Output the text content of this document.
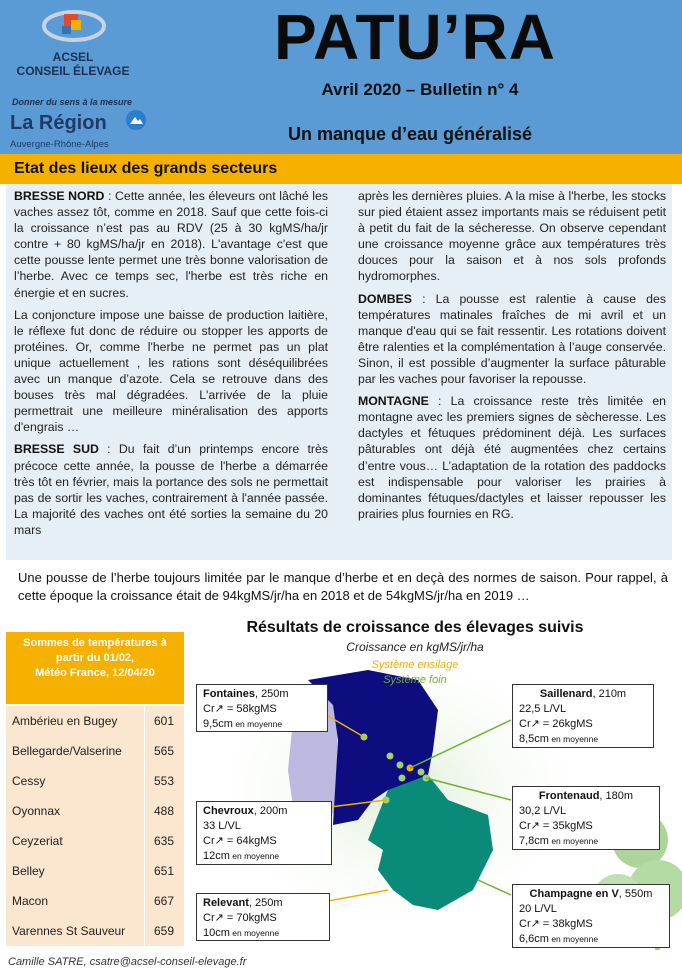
ACSEL
CONSEIL ÉLEVAGE
Donner du sens à la mesure
La Région
Auvergne-Rhône-Alpes
PATU’RA
Avril 2020 – Bulletin n° 4
Un manque d’eau généralisé
Etat des lieux des grands secteurs

BRESSE NORD : Cette année, les éleveurs ont lâché les vaches assez tôt, comme en 2018. Sauf que cette fois-ci la croissance n’est pas au RDV (25 à 30 kgMS/ha/jr contre + 80 kgMS/ha/jr en 2018). L'avantage c'est que cette pousse lente permet une très bonne valorisation de l’herbe. Avec ce temps sec, l'herbe est très riche en énergie et en sucres.

La conjoncture impose une baisse de production laitière, le réflexe fut donc de réduire ou stopper les apports de protéines. Or, comme l'herbe ne permet pas un plat unique actuellement , les rations sont déséquilibrées avec un manque d’azote. Cela se retrouve dans des bouses très mal dégradées. L'arrivée de la pluie permettrait une meilleure minéralisation des apports d'engrais …

BRESSE SUD : Du fait d’un printemps encore très précoce cette année, la pousse de l'herbe a démarrée très tôt en février, mais la portance des sols ne permettait pas de sortir les vaches, contrairement à l'année passée. La majorité des vaches ont été sorties la semaine du 20 mars

après les dernières pluies. A la mise à l'herbe, les stocks sur pied étaient assez importants mais se réduisent petit à petit du fait de la sécheresse. On observe cependant une croissance moyenne grâce aux températures très douces pour la saison et à nos sols profonds hydromorphes.

DOMBES : La pousse est ralentie à cause des températures matinales fraîches de mi avril et un manque d'eau qui se fait ressentir. Les rotations doivent être ralenties et la complémentation à l’auge conservée. Sinon, il est possible d’augmenter la surface pâturable par les vaches pour favoriser la repousse.

MONTAGNE : La croissance reste très limitée en montagne avec les premiers signes de sècheresse. Les dactyles et fétuques prédominent déjà. Les surfaces pâturables ont déjà été augmentées chez certains d’entre vous… L’adaptation de la rotation des paddocks est indispensable pour valoriser les prairies à dominantes fétuques/dactyles et laisser repousser les prairies plus fournies en RG.

Une pousse de l’herbe toujours limitée par le manque d’herbe et en deçà des normes de saison. Pour rappel, à cette époque la croissance était de 94kgMS/jr/ha en 2018 et de 54kgMS/jr/ha en 2019 …
Sommes de températures à
partir du 01/02,
Météo France, 12/04/20
Ambérieu en Bugey	601
Bellegarde/Valserine	565
Cessy	553
Oyonnax	488
Ceyzeriat	635
Belley	651
Macon	667
Varennes St Sauveur 659
Résultats de croissance des élevages suivis
Croissance en kgMS/jr/ha
Système ensilage
Système foin
Fontaines, 250m
Cr↗ = 58kgMS
9,5cm en moyenne
Chevroux, 200m
33 L/VL
Cr↗ = 64kgMS
12cm en moyenne
Relevant, 250m
Cr↗ = 70kgMS
10cm en moyenne
Saillenard, 210m
22,5 L/VL
Cr↗ = 26kgMS
8,5cm en moyenne
Frontenaud, 180m
30,2 L/VL
Cr↗ = 35kgMS
7,8cm en moyenne
Champagne en V, 550m
20 L/VL
Cr↗ = 38kgMS
6,6cm en moyenne
Camille SATRE, csatre@acsel-conseil-elevage.fr
